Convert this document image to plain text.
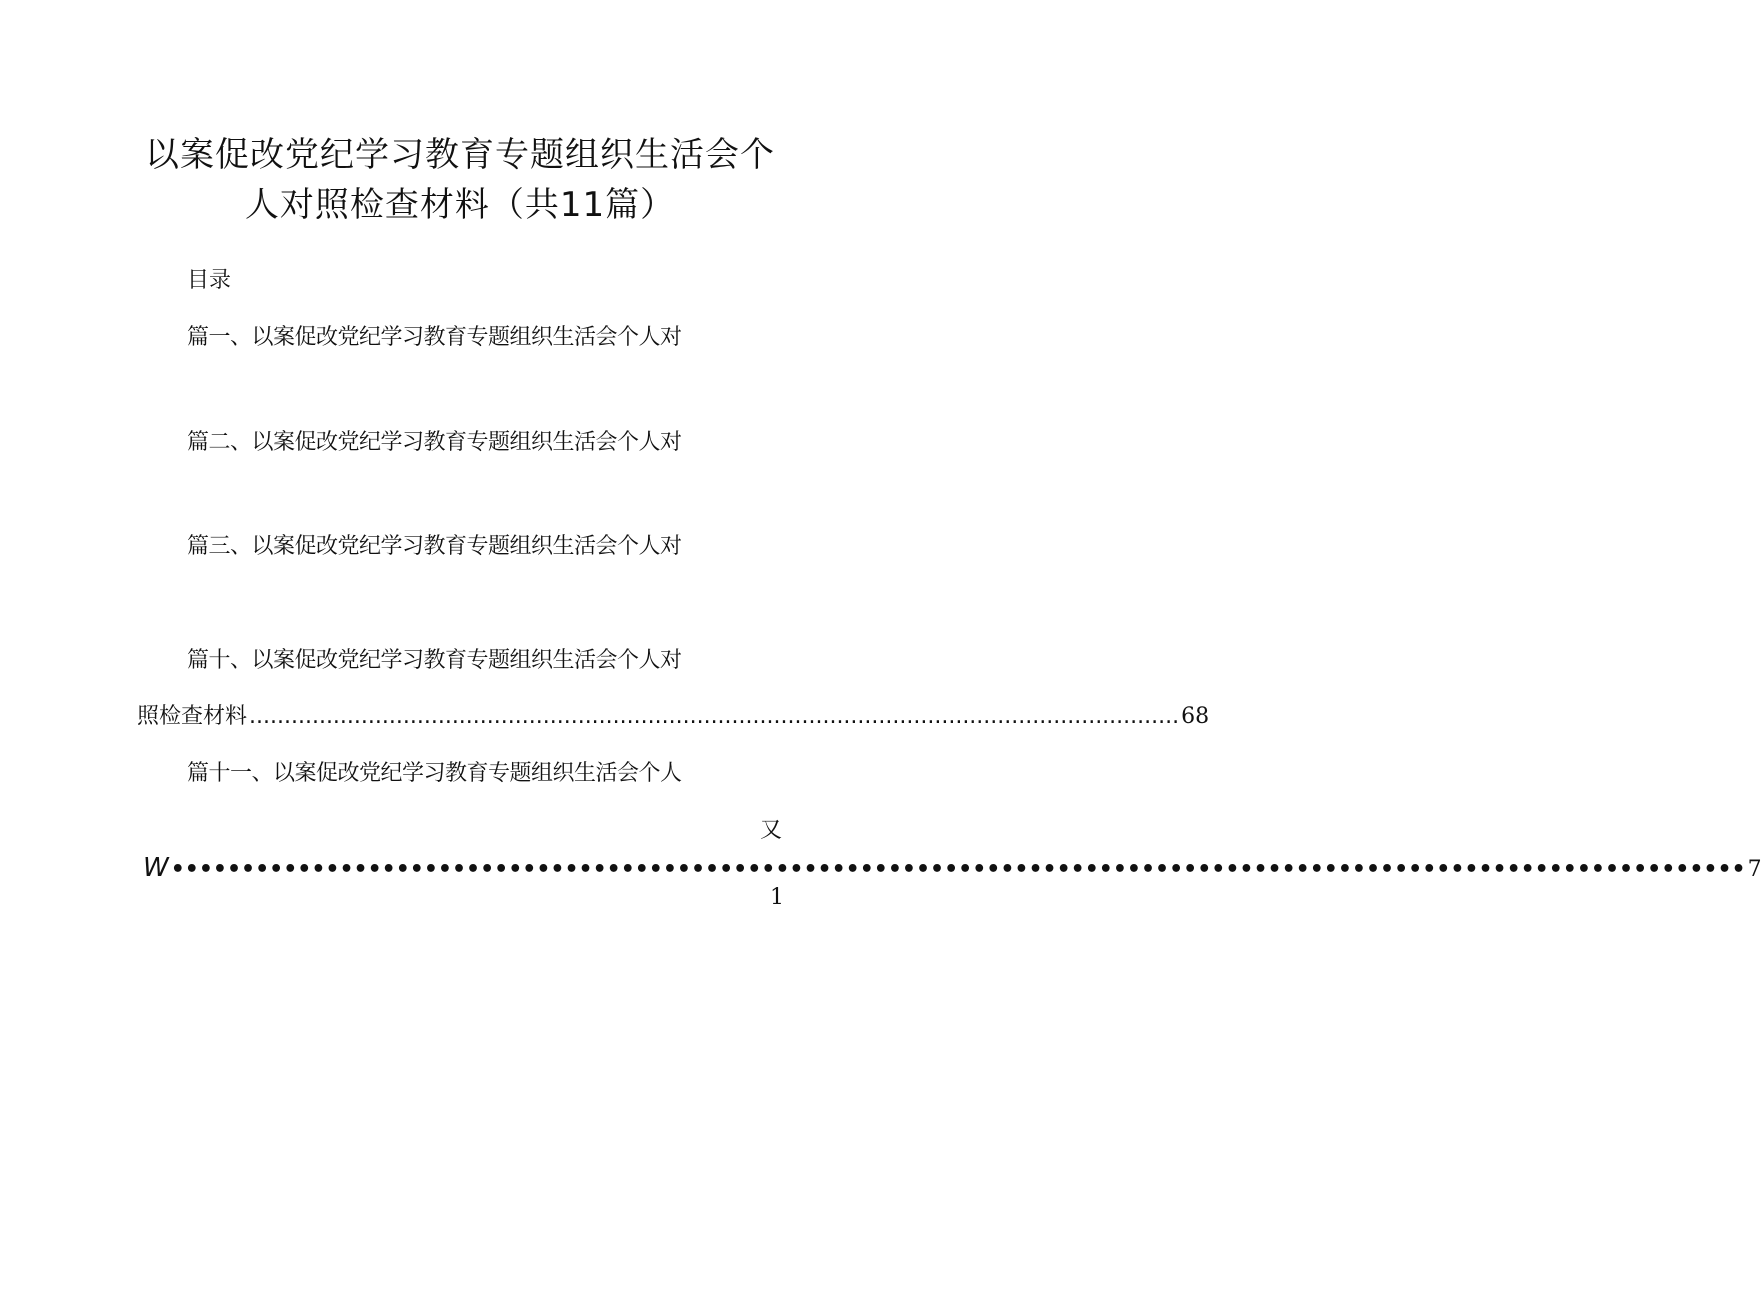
以案促改党纪学习教育专题组织生活会个
人对照检查材料（共11篇）
目录
篇一、以案促改党纪学习教育专题组织生活会个人对
篇二、以案促改党纪学习教育专题组织生活会个人对
篇三、以案促改党纪学习教育专题组织生活会个人对
篇十、以案促改党纪学习教育专题组织生活会个人对
照检查材料 ..................................................................................................................................... 68
篇十一、以案促改党纪学习教育专题组织生活会个人
又
W •••••••••••••••••••••••••••••••••••••••••••••••••••••••••••••••••••••••••••••••••••••••••••••••••••••••••••••••• 7
1
